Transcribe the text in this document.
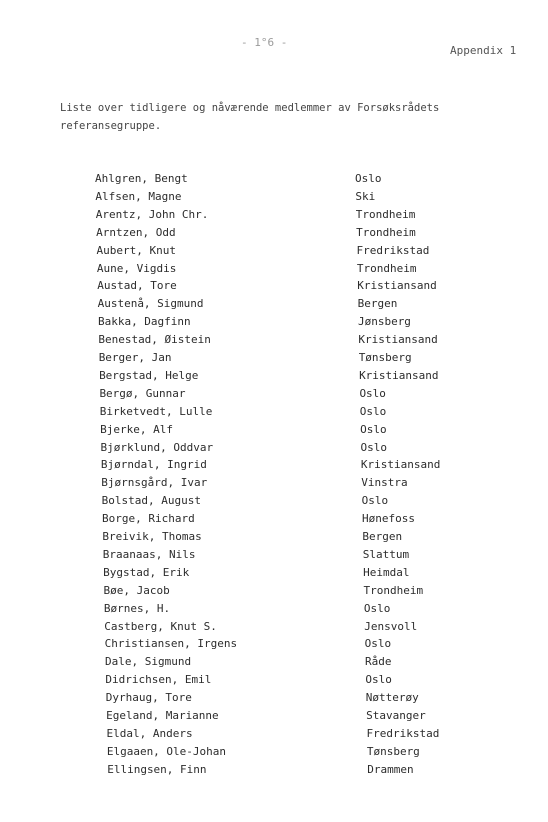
- 1°6 -
Appendix 1
Liste over tidligere og nåværende medlemmer av Forsøksrådets referansegruppe.
Ahlgren, Bengt	Oslo
Alfsen, Magne	Ski
Arentz, John Chr.	Trondheim
Arntzen, Odd	Trondheim
Aubert, Knut	Fredrikstad
Aune, Vigdis	Trondheim
Austad, Tore	Kristiansand
Austenå, Sigmund	Bergen
Bakka, Dagfinn	Jønsberg
Benestad, Øistein	Kristiansand
Berger, Jan	Tønsberg
Bergstad, Helge	Kristiansand
Bergø, Gunnar	Oslo
Birketvedt, Lulle	Oslo
Bjerke, Alf	Oslo
Bjørklund, Oddvar	Oslo
Bjørndal, Ingrid	Kristiansand
Bjørnsgård, Ivar	Vinstra
Bolstad, August	Oslo
Borge, Richard	Hønefoss
Breivik, Thomas	Bergen
Braanaas, Nils	Slattum
Bygstad, Erik	Heimdal
Bøe, Jacob	Trondheim
Børnes, H.	Oslo
Castberg, Knut S.	Jensvoll
Christiansen, Irgens	Oslo
Dale, Sigmund	Råde
Didrichsen, Emil	Oslo
Dyrhaug, Tore	Nøtterøy
Egeland, Marianne	Stavanger
Eldal, Anders	Fredrikstad
Elgaaen, Ole-Johan	Tønsberg
Ellingsen, Finn	Drammen
